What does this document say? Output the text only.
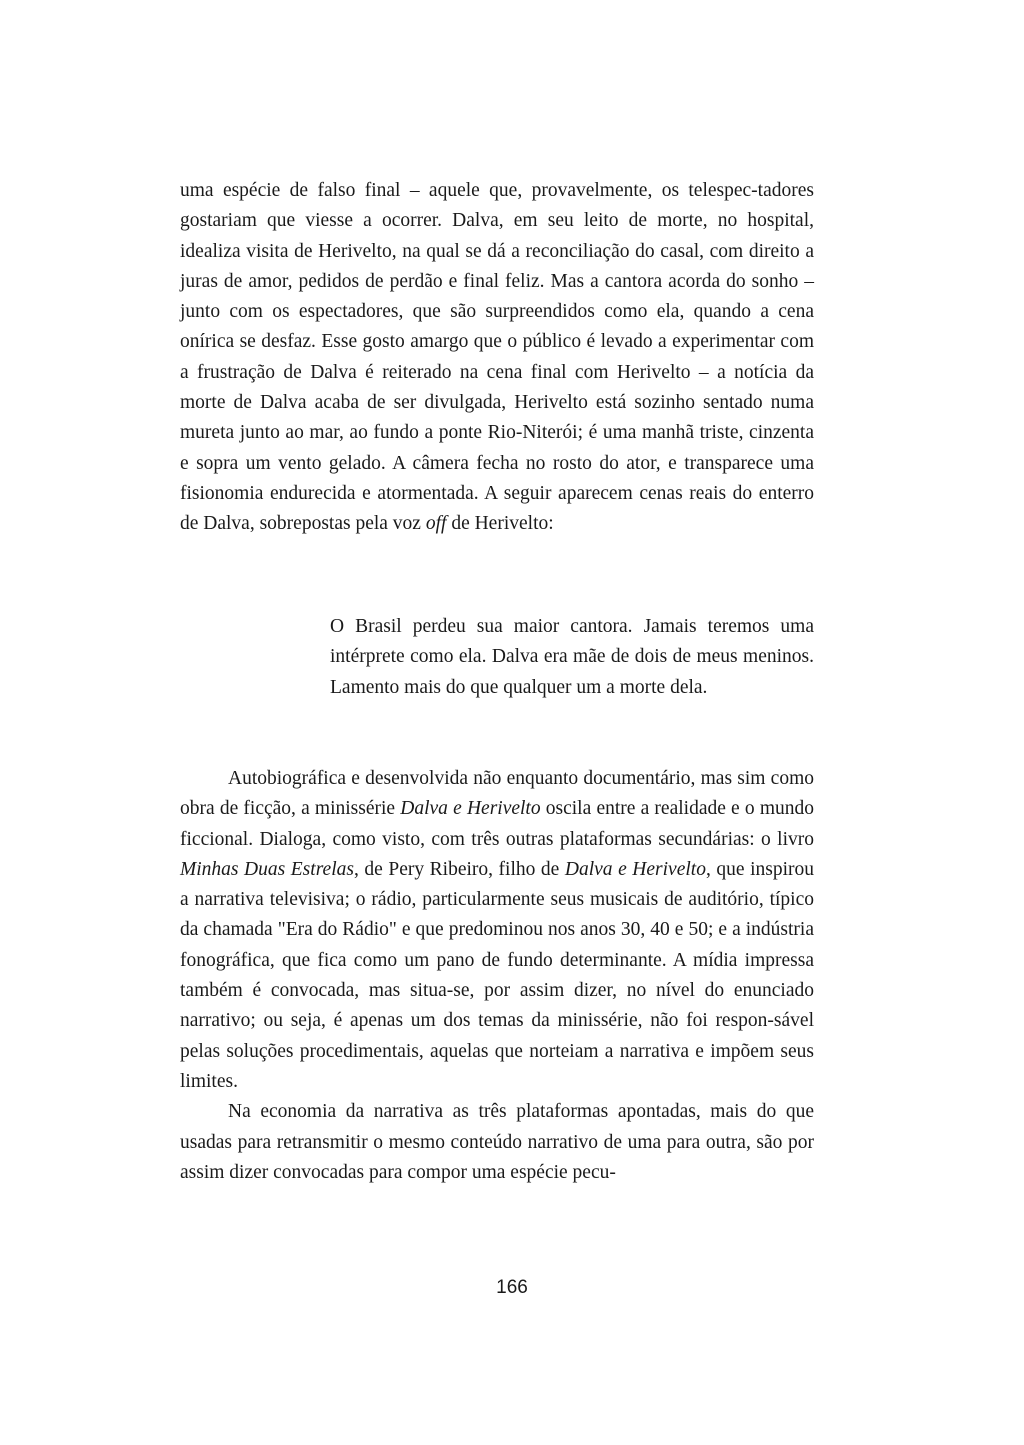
uma espécie de falso final – aquele que, provavelmente, os telespec-tadores gostariam que viesse a ocorrer. Dalva, em seu leito de morte, no hospital, idealiza visita de Herivelto, na qual se dá a reconciliação do casal, com direito a juras de amor, pedidos de perdão e final feliz. Mas a cantora acorda do sonho – junto com os espectadores, que são surpreendidos como ela, quando a cena onírica se desfaz. Esse gosto amargo que o público é levado a experimentar com a frustração de Dalva é reiterado na cena final com Herivelto – a notícia da morte de Dalva acaba de ser divulgada, Herivelto está sozinho sentado numa mureta junto ao mar, ao fundo a ponte Rio-Niterói; é uma manhã triste, cinzenta e sopra um vento gelado. A câmera fecha no rosto do ator, e transparece uma fisionomia endurecida e atormentada. A seguir aparecem cenas reais do enterro de Dalva, sobrepostas pela voz off de Herivelto:

O Brasil perdeu sua maior cantora. Jamais teremos uma intérprete como ela. Dalva era mãe de dois de meus meninos. Lamento mais do que qualquer um a morte dela.

Autobiográfica e desenvolvida não enquanto documentário, mas sim como obra de ficção, a minissérie Dalva e Herivelto oscila entre a realidade e o mundo ficcional. Dialoga, como visto, com três outras plataformas secundárias: o livro Minhas Duas Estrelas, de Pery Ribeiro, filho de Dalva e Herivelto, que inspirou a narrativa televisiva; o rádio, particularmente seus musicais de auditório, típico da chamada "Era do Rádio" e que predominou nos anos 30, 40 e 50; e a indústria fonográfica, que fica como um pano de fundo determinante. A mídia impressa também é convocada, mas situa-se, por assim dizer, no nível do enunciado narrativo; ou seja, é apenas um dos temas da minissérie, não foi respon-sável pelas soluções procedimentais, aquelas que norteiam a narrativa e impõem seus limites.

Na economia da narrativa as três plataformas apontadas, mais do que usadas para retransmitir o mesmo conteúdo narrativo de uma para outra, são por assim dizer convocadas para compor uma espécie pecu-

166
